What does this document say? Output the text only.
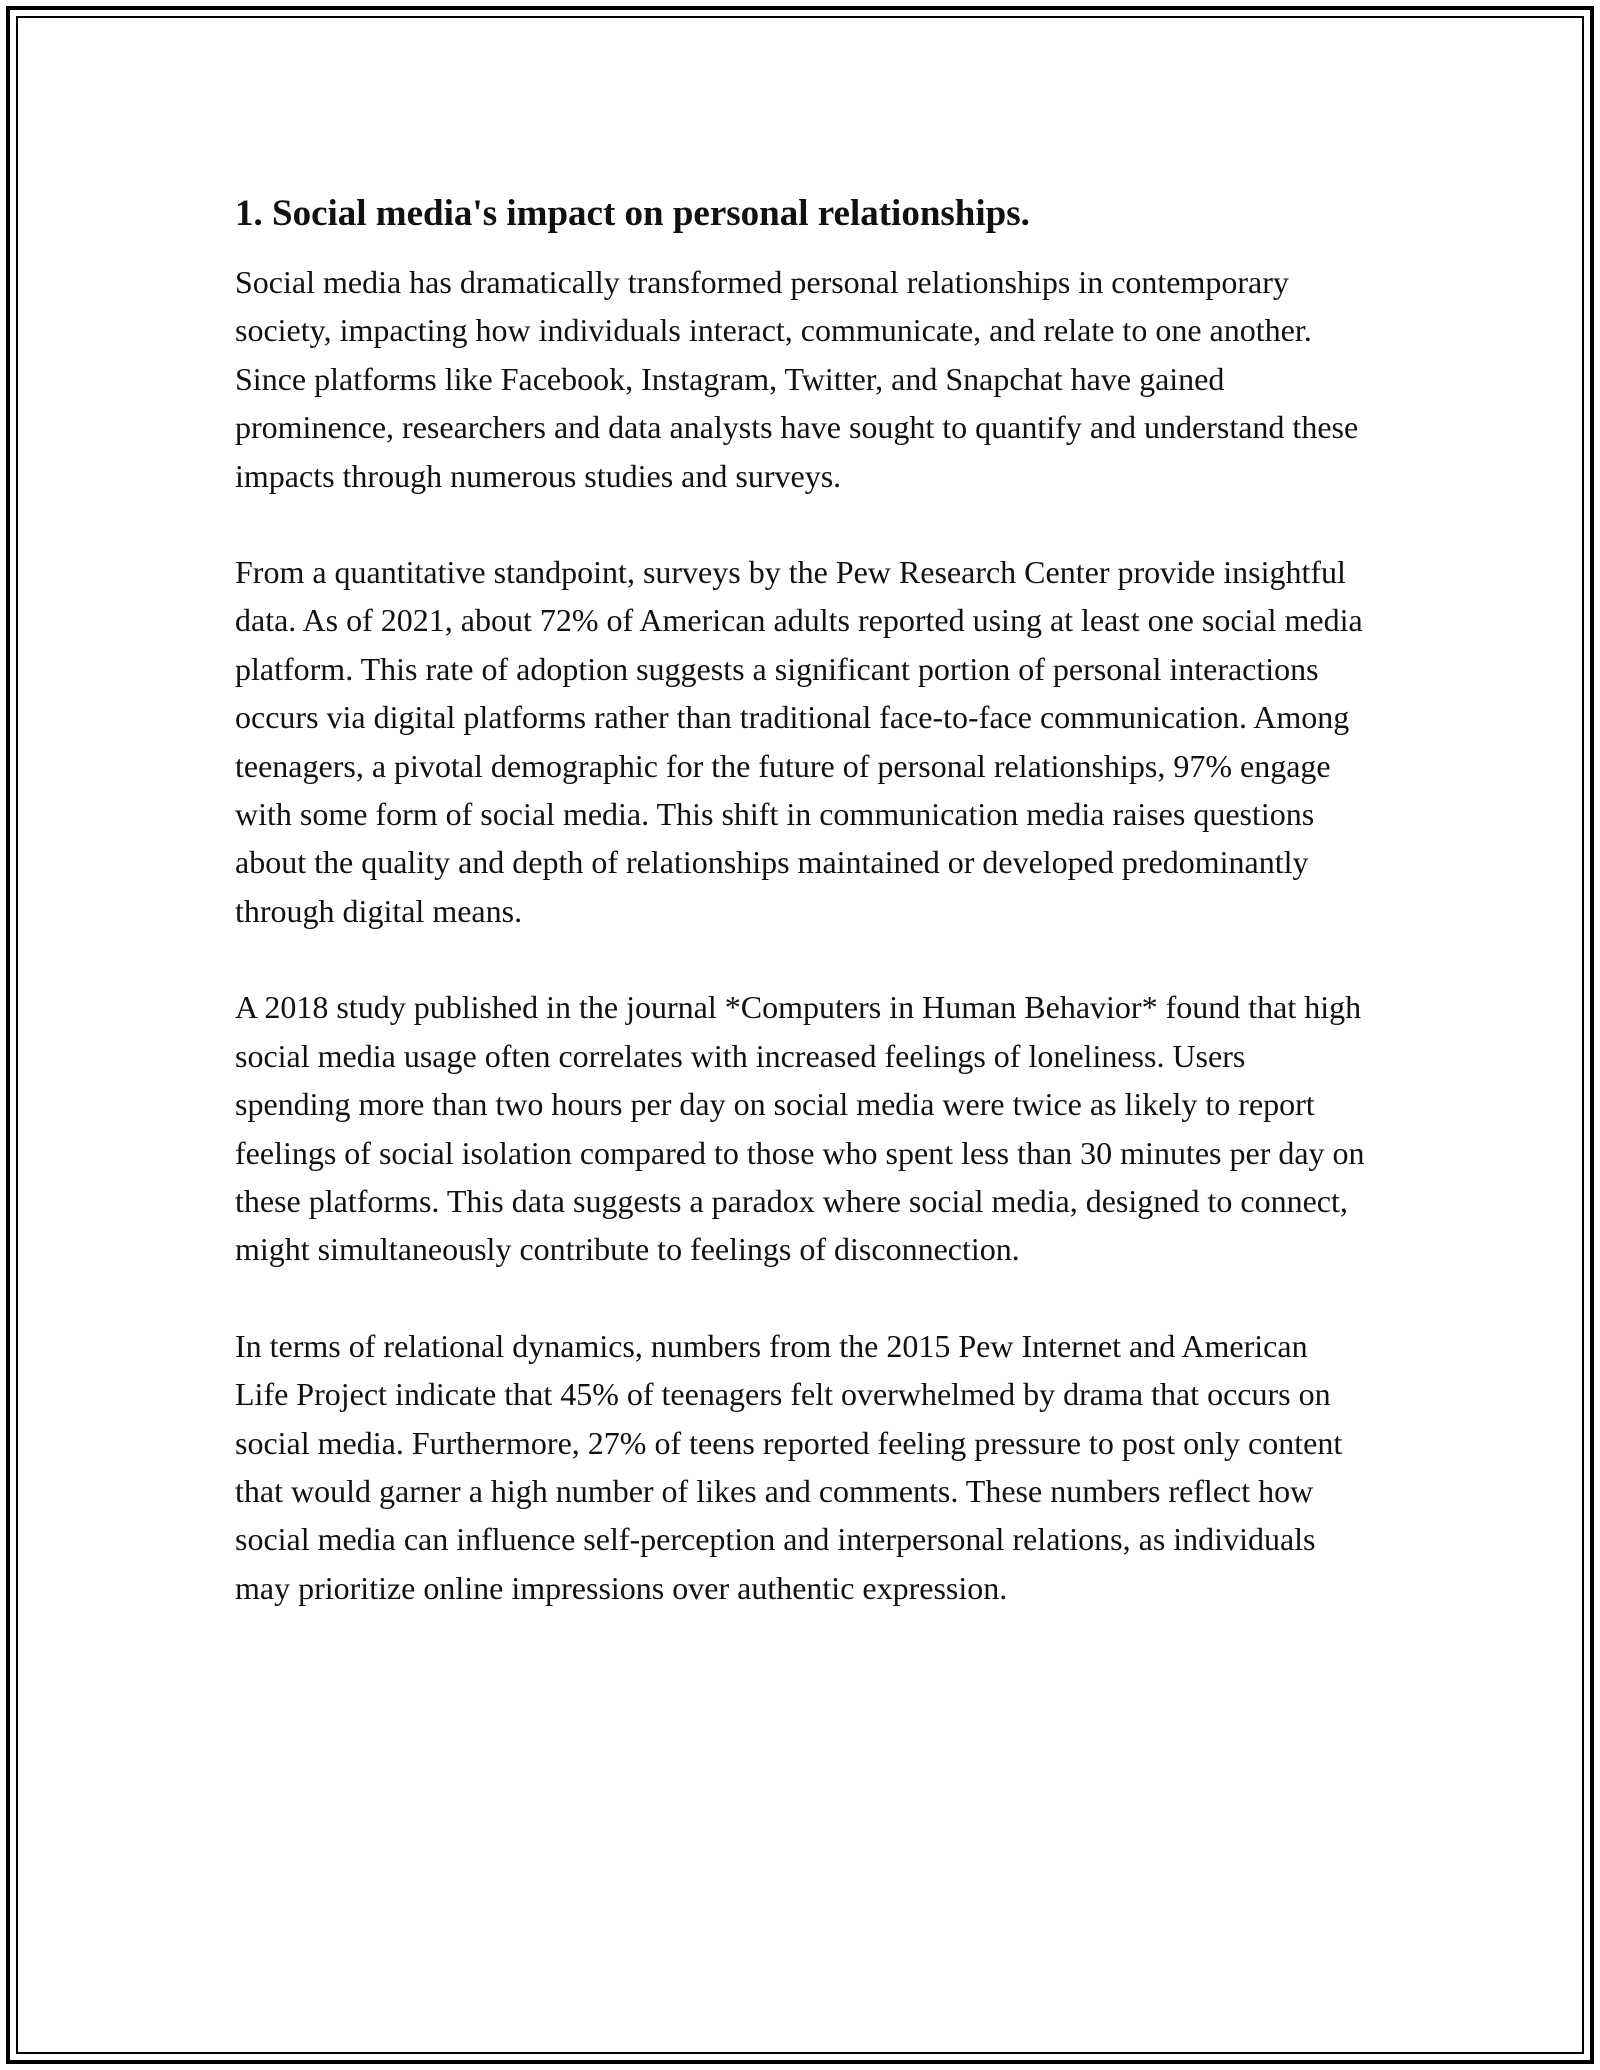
1. Social media's impact on personal relationships.

Social media has dramatically transformed personal relationships in contemporary society, impacting how individuals interact, communicate, and relate to one another. Since platforms like Facebook, Instagram, Twitter, and Snapchat have gained prominence, researchers and data analysts have sought to quantify and understand these impacts through numerous studies and surveys.

From a quantitative standpoint, surveys by the Pew Research Center provide insightful data. As of 2021, about 72% of American adults reported using at least one social media platform. This rate of adoption suggests a significant portion of personal interactions occurs via digital platforms rather than traditional face-to-face communication. Among teenagers, a pivotal demographic for the future of personal relationships, 97% engage with some form of social media. This shift in communication media raises questions about the quality and depth of relationships maintained or developed predominantly through digital means.

A 2018 study published in the journal *Computers in Human Behavior* found that high social media usage often correlates with increased feelings of loneliness. Users spending more than two hours per day on social media were twice as likely to report feelings of social isolation compared to those who spent less than 30 minutes per day on these platforms. This data suggests a paradox where social media, designed to connect, might simultaneously contribute to feelings of disconnection.

In terms of relational dynamics, numbers from the 2015 Pew Internet and American Life Project indicate that 45% of teenagers felt overwhelmed by drama that occurs on social media. Furthermore, 27% of teens reported feeling pressure to post only content that would garner a high number of likes and comments. These numbers reflect how social media can influence self-perception and interpersonal relations, as individuals may prioritize online impressions over authentic expression.
